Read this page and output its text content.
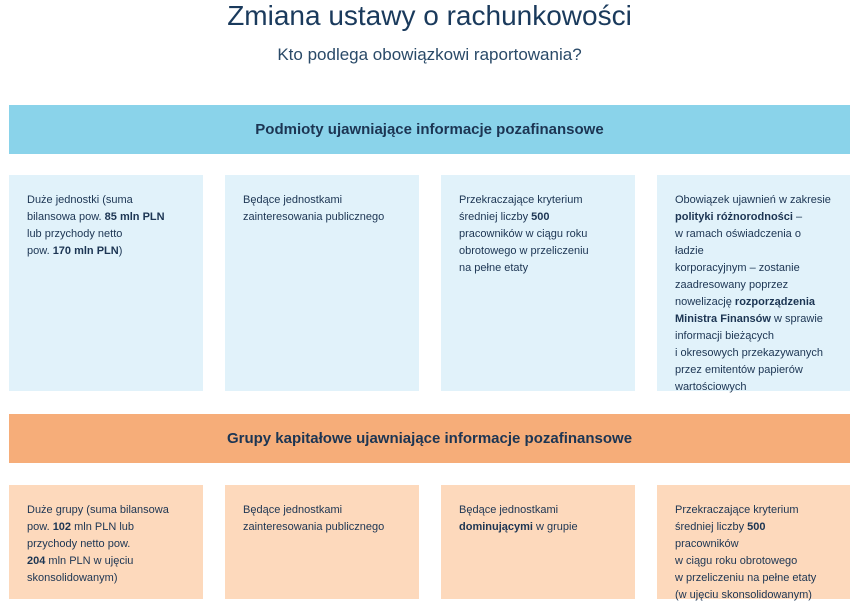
Zmiana ustawy o rachunkowości
Kto podlega obowiązkowi raportowania?
Podmioty ujawniające informacje pozafinansowe
Duże jednostki (suma
bilansowa pow. 85 mln PLN
lub przychody netto
pow. 170 mln PLN)
Będące jednostkami
zainteresowania publicznego
Przekraczające kryterium
średniej liczby 500
pracowników w ciągu roku
obrotowego w przeliczeniu
na pełne etaty
Obowiązek ujawnień w zakresie
polityki różnorodności –
w ramach oświadczenia o ładzie
korporacyjnym – zostanie
zaadresowany poprzez
nowelizację rozporządzenia
Ministra Finansów w sprawie
informacji bieżących
i okresowych przekazywanych
przez emitentów papierów
wartościowych
Grupy kapitałowe ujawniające informacje pozafinansowe
Duże grupy (suma bilansowa
pow. 102 mln PLN lub
przychody netto pow.
204 mln PLN w ujęciu
skonsolidowanym)
Będące jednostkami
zainteresowania publicznego
Będące jednostkami
dominującymi w grupie
Przekraczające kryterium
średniej liczby 500 pracowników
w ciągu roku obrotowego
w przeliczeniu na pełne etaty
(w ujęciu skonsolidowanym)
